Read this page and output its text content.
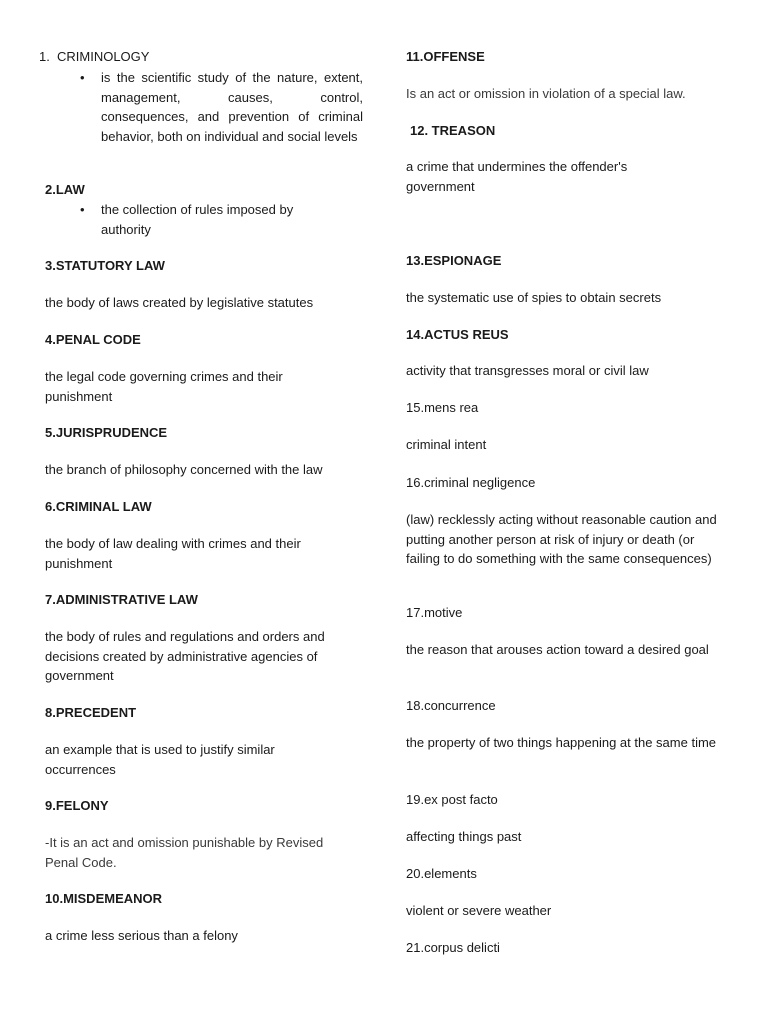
1. CRIMINOLOGY
• is the scientific study of the nature, extent, management, causes, control, consequences, and prevention of criminal behavior, both on individual and social levels

2.LAW
• the collection of rules imposed by authority

3.STATUTORY LAW

the body of laws created by legislative statutes

4.PENAL CODE

the legal code governing crimes and their punishment

5.JURISPRUDENCE

the branch of philosophy concerned with the law

6.CRIMINAL LAW

the body of law dealing with crimes and their punishment

7.ADMINISTRATIVE LAW

the body of rules and regulations and orders and decisions created by administrative agencies of government

8.PRECEDENT

an example that is used to justify similar occurrences

9.FELONY

-It is an act and omission punishable by Revised Penal Code.

10.MISDEMEANOR

a crime less serious than a felony

11.OFFENSE

Is an act or omission in violation of a special law.

12. TREASON

a crime that undermines the offender's government

13.ESPIONAGE

the systematic use of spies to obtain secrets

14.ACTUS REUS

activity that transgresses moral or civil law

15.mens rea

criminal intent

16.criminal negligence

(law) recklessly acting without reasonable caution and putting another person at risk of injury or death (or failing to do something with the same consequences)

17.motive

the reason that arouses action toward a desired goal

18.concurrence

the property of two things happening at the same time

19.ex post facto

affecting things past

20.elements

violent or severe weather

21.corpus delicti
